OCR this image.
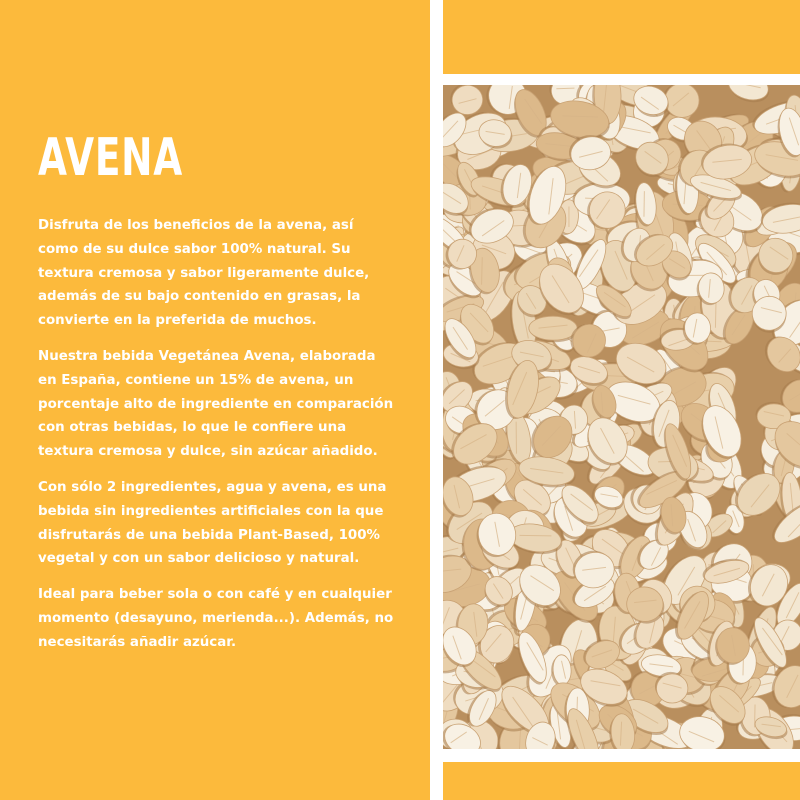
AVENA

Disfruta de los beneficios de la avena, así como de su dulce sabor 100% natural. Su textura cremosa y sabor ligeramente dulce, además de su bajo contenido en grasas, la convierte en la preferida de muchos.

Nuestra bebida Vegetánea Avena, elaborada en España, contiene un 15% de avena, un porcentaje alto de ingrediente en comparación con otras bebidas, lo que le confiere una textura cremosa y dulce, sin azúcar añadido.

Con sólo 2 ingredientes, agua y avena, es una bebida sin ingredientes artificiales con la que disfrutarás de una bebida Plant-Based, 100% vegetal y con un sabor delicioso y natural.

Ideal para beber sola o con café y en cualquier momento (desayuno, merienda...). Además, no necesitarás añadir azúcar.
